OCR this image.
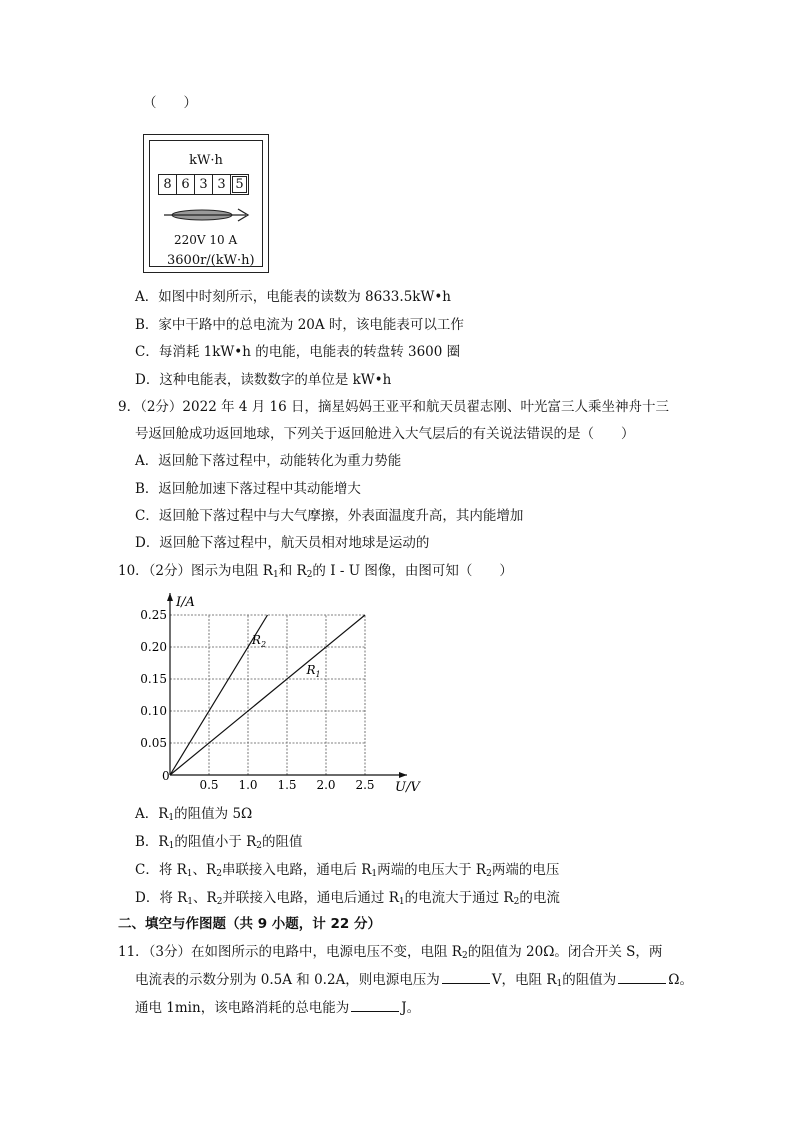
（　　）
kW·h
8 6 3 3 5
220V 10 A
3600r/(kW·h)
A．如图中时刻所示，电能表的读数为 8633.5kW•h
B．家中干路中的总电流为 20A 时，该电能表可以工作
C．每消耗 1kW•h 的电能，电能表的转盘转 3600 圈
D．这种电能表，读数数字的单位是 kW•h
9．（2分）2022 年 4 月 16 日，摘星妈妈王亚平和航天员翟志刚、叶光富三人乘坐神舟十三
号返回舱成功返回地球，下列关于返回舱进入大气层后的有关说法错误的是（　　）
A．返回舱下落过程中，动能转化为重力势能
B．返回舱加速下落过程中其动能增大
C．返回舱下落过程中与大气摩擦，外表面温度升高，其内能增加
D．返回舱下落过程中，航天员相对地球是运动的
10．（2分）图示为电阻 $R_1$和 $R_2$的 I - U 图像，由图可知（　　）
I/A
U/V
0
0.5 1.0 1.5 2.0 2.5
0.05
0.10
0.15
0.20
0.25
$R_2$
$R_1$
A．$R_1$的阻值为 5Ω
B．$R_1$的阻值小于 $R_2$的阻值
C．将 $R_1$、$R_2$串联接入电路，通电后 $R_1$两端的电压大于 $R_2$两端的电压
D．将 $R_1$、$R_2$并联接入电路，通电后通过 $R_1$的电流大于通过 $R_2$的电流
二、填空与作图题（共 9 小题，计 22 分）
11．（3分）在如图所示的电路中，电源电压不变，电阻 $R_2$的阻值为 20Ω。闭合开关 S，两
电流表的示数分别为 0.5A 和 0.2A，则电源电压为	V，电阻 $R_1$的阻值为	Ω。
通电 1min，该电路消耗的总电能为	J。
